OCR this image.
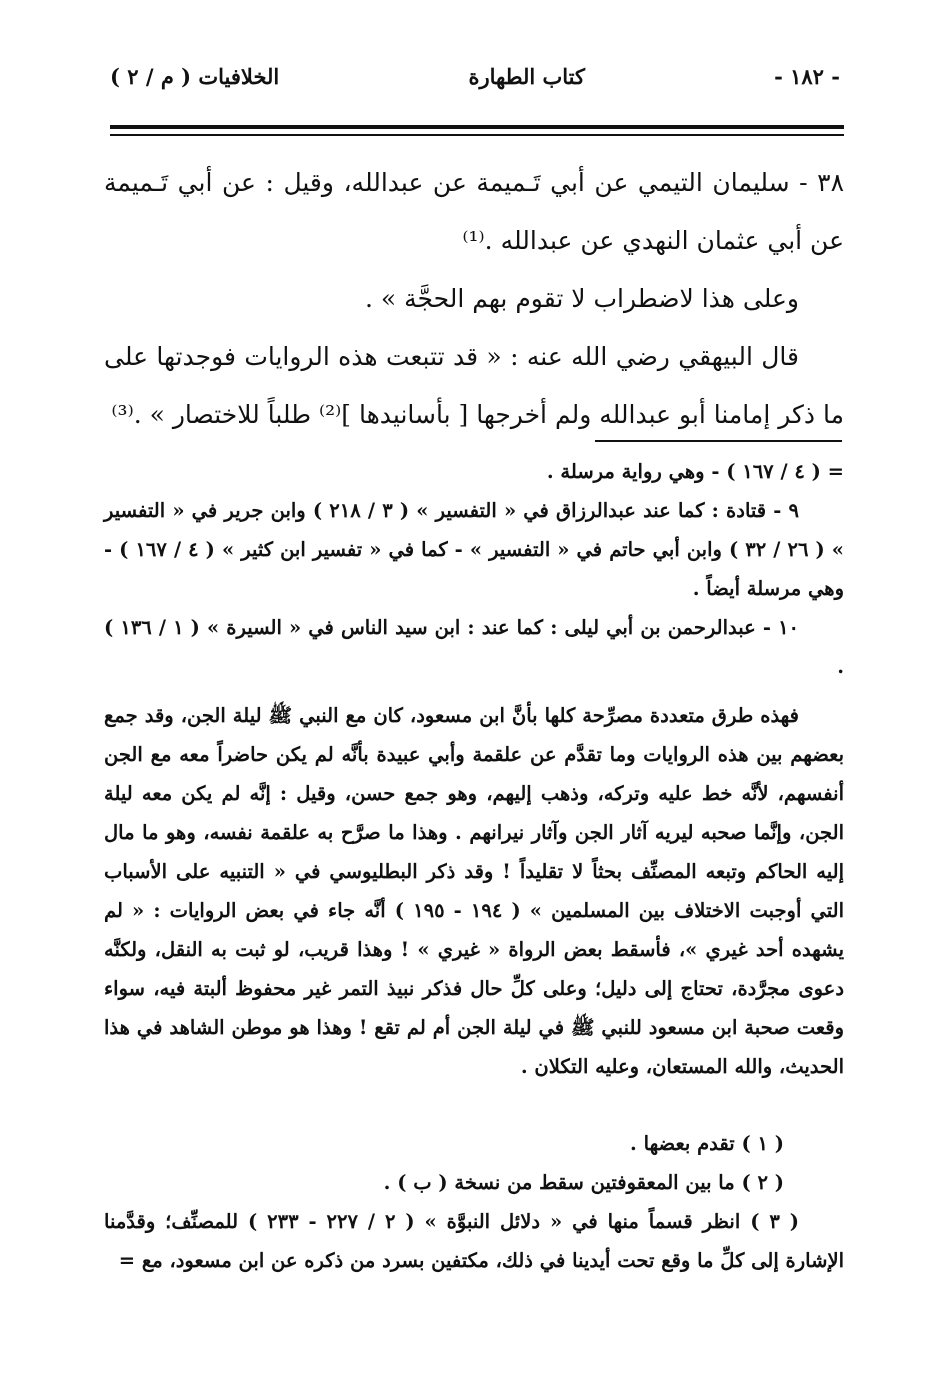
- ١٨٢ -
كتاب الطهارة
الخلافيات ( م / ٢ )

٣٨ - سليمان التيمي عن أبي تَـميمة عن عبدالله، وقيل : عن أبي تَـميمة عن أبي عثمان النهدي عن عبدالله .⁽¹⁾

وعلى هذا لاضطراب لا تقوم بهم الحجَّة » .

قال البيهقي رضي الله عنه : « قد تتبعت هذه الروايات فوجدتها على ما ذكر إمامنا أبو عبدالله ولم أخرجها [ بأسانيدها ]⁽²⁾ طلباً للاختصار » .⁽³⁾

= ( ٤ / ١٦٧ ) - وهي رواية مرسلة .

٩ - قتادة : كما عند عبدالرزاق في « التفسير » ( ٣ / ٢١٨ ) وابن جرير في « التفسير » ( ٢٦ / ٣٢ ) وابن أبي حاتم في « التفسير » - كما في « تفسير ابن كثير » ( ٤ / ١٦٧ ) - وهي مرسلة أيضاً .

١٠ - عبدالرحمن بن أبي ليلى : كما عند : ابن سيد الناس في « السيرة » ( ١ / ١٣٦ ) .

فهذه طرق متعددة مصرِّحة كلها بأنَّ ابن مسعود، كان مع النبي ﷺ ليلة الجن، وقد جمع بعضهم بين هذه الروايات وما تقدَّم عن علقمة وأبي عبيدة بأنَّه لم يكن حاضراً معه مع الجن أنفسهم، لأنَّه خط عليه وتركه، وذهب إليهم، وهو جمع حسن، وقيل : إنَّه لم يكن معه ليلة الجن، وإنَّما صحبه ليريه آثار الجن وآثار نيرانهم . وهذا ما صرَّح به علقمة نفسه، وهو ما مال إليه الحاكم وتبعه المصنِّف بحثاً لا تقليداً ! وقد ذكر البطليوسي في « التنبيه على الأسباب التي أوجبت الاختلاف بين المسلمين » ( ١٩٤ - ١٩٥ ) أنَّه جاء في بعض الروايات : « لم يشهده أحد غيري »، فأسقط بعض الرواة « غيري » ! وهذا قريب، لو ثبت به النقل، ولكنَّه دعوى مجرَّدة، تحتاج إلى دليل؛ وعلى كلِّ حال فذكر نبيذ التمر غير محفوظ ألبتة فيه، سواء وقعت صحبة ابن مسعود للنبي ﷺ في ليلة الجن أم لم تقع ! وهذا هو موطن الشاهد في هذا الحديث، والله المستعان، وعليه التكلان .

( ١ ) تقدم بعضها .

( ٢ ) ما بين المعقوفتين سقط من نسخة ( ب ) .

( ٣ ) انظر قسماً منها في « دلائل النبوَّة » ( ٢ / ٢٢٧ - ٢٣٣ ) للمصنِّف؛ وقدَّمنا الإشارة إلى كلِّ ما وقع تحت أيدينا في ذلك، مكتفين بسرد من ذكره عن ابن مسعود، مع =
